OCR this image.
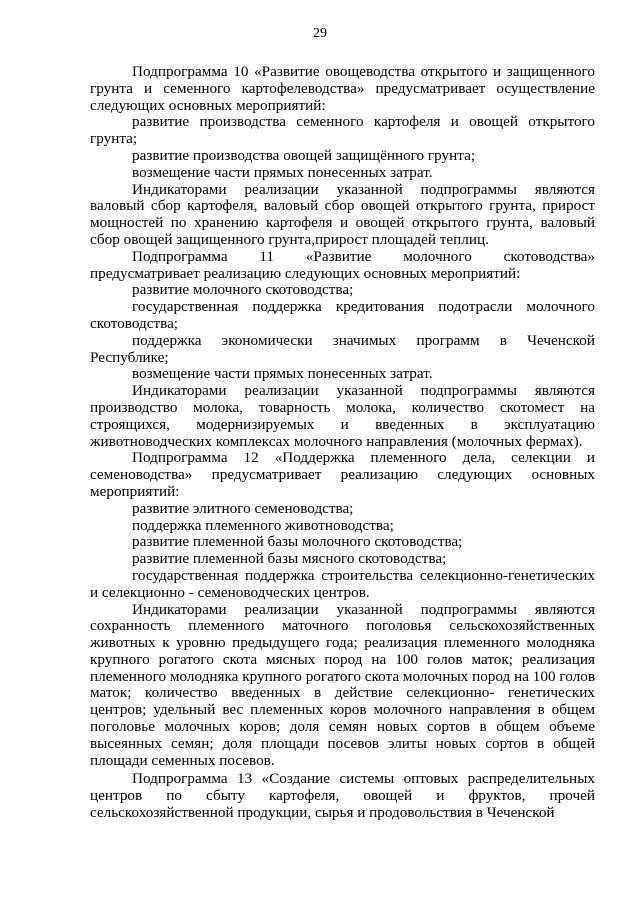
29

Подпрограмма 10 «Развитие овощеводства открытого и защищенного грунта и семенного картофелеводства» предусматривает осуществление следующих основных мероприятий:

развитие производства семенного картофеля и овощей открытого грунта;

развитие производства овощей защищённого грунта;

возмещение части прямых понесенных затрат.

Индикаторами реализации указанной подпрограммы являются валовый сбор картофеля, валовый сбор овощей открытого грунта, прирост мощностей по хранению картофеля и овощей открытого грунта, валовый сбор овощей защищенного грунта,прирост площадей теплиц.

Подпрограмма 11 «Развитие молочного скотоводства» предусматривает реализацию следующих основных мероприятий:

развитие молочного скотоводства;

государственная поддержка кредитования подотрасли молочного скотоводства;

поддержка экономически значимых программ в Чеченской Республике;

возмещение части прямых понесенных затрат.

Индикаторами реализации указанной подпрограммы являются производство молока, товарность молока, количество скотомест на строящихся, модернизируемых и введенных в эксплуатацию животноводческих комплексах молочного направления (молочных фермах).

Подпрограмма 12 «Поддержка племенного дела, селекции и семеноводства» предусматривает реализацию следующих основных мероприятий:

развитие элитного семеноводства;

поддержка племенного животноводства;

развитие племенной базы молочного скотоводства;

развитие племенной базы мясного скотоводства;

государственная поддержка строительства селекционно-генетических и селекционно - семеноводческих центров.

Индикаторами реализации указанной подпрограммы являются сохранность племенного маточного поголовья сельскохозяйственных животных к уровню предыдущего года; реализация племенного молодняка крупного рогатого скота мясных пород на 100 голов маток; реализация племенного молодняка крупного рогатого скота молочных пород на 100 голов маток; количество введенных в действие селекционно- генетических центров; удельный вес племенных коров молочного направления в общем поголовье молочных коров; доля семян новых сортов в общем объеме высеянных семян; доля площади посевов элиты новых сортов в общей площади семенных посевов.

Подпрограмма 13 «Создание системы оптовых распределительных центров по сбыту картофеля, овощей и фруктов, прочей сельскохозяйственной продукции, сырья и продовольствия в Чеченской
